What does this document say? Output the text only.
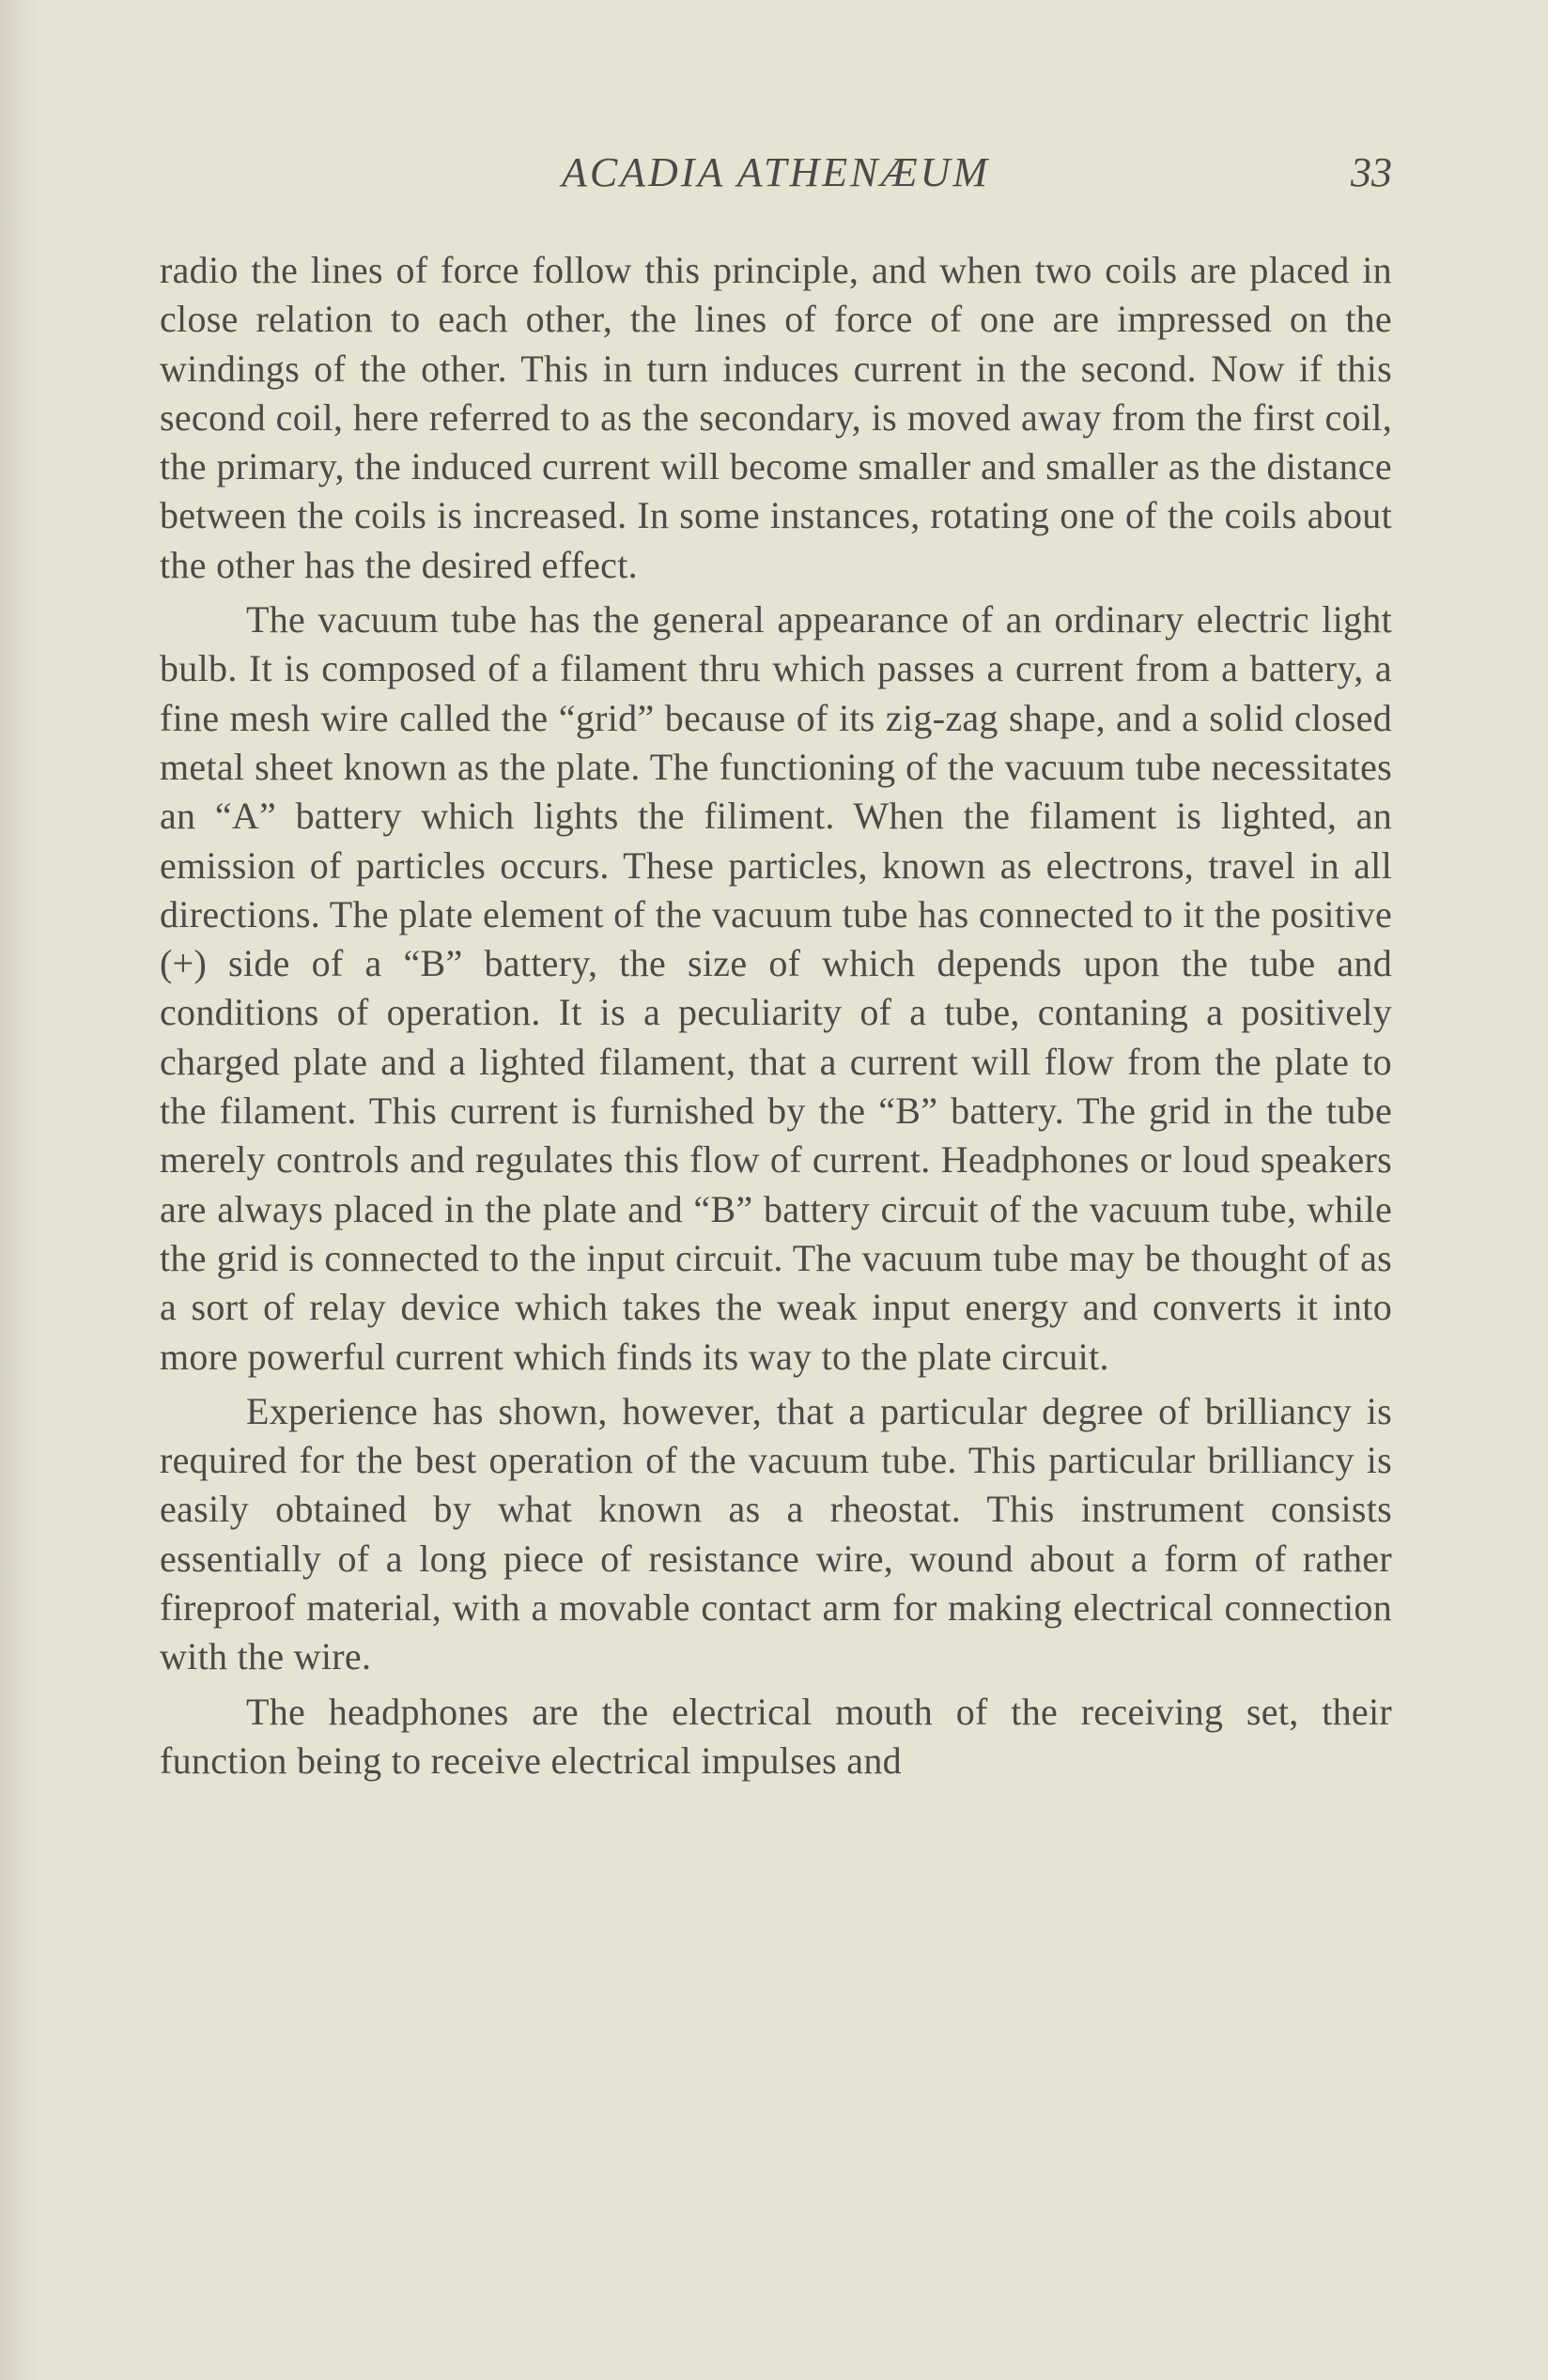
ACADIA ATHENÆUM	33

radio the lines of force follow this principle, and when two coils are placed in close relation to each other, the lines of force of one are impressed on the windings of the other. This in turn induces current in the second. Now if this second coil, here referred to as the secondary, is moved away from the first coil, the primary, the induced current will become smaller and smaller as the distance between the coils is increased. In some instances, rotating one of the coils about the other has the desired effect.

The vacuum tube has the general appearance of an ordinary electric light bulb. It is composed of a filament thru which passes a current from a battery, a fine mesh wire called the “grid” because of its zig-zag shape, and a solid closed metal sheet known as the plate. The functioning of the vacuum tube necessitates an “A” battery which lights the filiment. When the filament is lighted, an emission of particles occurs. These particles, known as electrons, travel in all directions. The plate element of the vacuum tube has connected to it the positive (+) side of a “B” battery, the size of which depends upon the tube and conditions of operation. It is a peculiarity of a tube, contaning a positively charged plate and a lighted filament, that a current will flow from the plate to the filament. This current is furnished by the “B” battery. The grid in the tube merely controls and regulates this flow of current. Headphones or loud speakers are always placed in the plate and “B” battery circuit of the vacuum tube, while the grid is connected to the input circuit. The vacuum tube may be thought of as a sort of relay device which takes the weak input energy and converts it into more powerful current which finds its way to the plate circuit.

Experience has shown, however, that a particular degree of brilliancy is required for the best operation of the vacuum tube. This particular brilliancy is easily obtained by what known as a rheostat. This instrument consists essentially of a long piece of resistance wire, wound about a form of rather fireproof material, with a movable contact arm for making electrical connection with the wire.

The headphones are the electrical mouth of the receiving set, their function being to receive electrical impulses and
